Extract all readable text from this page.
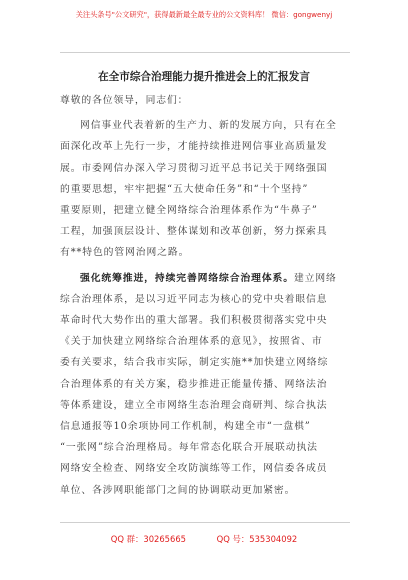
关注头条号"公文研究"，获得最新最全最专业的公文资料库！ 微信：gongwenyj
在全市综合治理能力提升推进会上的汇报发言
尊敬的各位领导，同志们：
网信事业代表着新的生产力、新的发展方向，只有在全
面深化改革上先行一步，才能持续推进网信事业高质量发
展。市委网信办深入学习贯彻习近平总书记关于网络强国
的重要思想，牢牢把握“五大使命任务”和“十个坚持”
重要原则，把建立健全网络综合治理体系作为“牛鼻子”
工程，加强顶层设计、整体谋划和改革创新，努力探索具
有**特色的管网治网之路。
强化统筹推进，持续完善网络综合治理体系。建立网络
综合治理体系，是以习近平同志为核心的党中央着眼信息
革命时代大势作出的重大部署。我们积极贯彻落实党中央
《关于加快建立网络综合治理体系的意见》，按照省、市
委有关要求，结合我市实际，制定实施**加快建立网络综
合治理体系的有关方案，稳步推进正能量传播、网络法治
等体系建设，建立全市网络生态治理会商研判、综合执法
信息通报等10余项协同工作机制，构建全市“一盘棋”
“一张网”综合治理格局。每年常态化联合开展联动执法
网络安全检查、网络安全攻防演练等工作，网信委各成员
单位、各涉网职能部门之间的协调联动更加紧密。
QQ 群：30265665	QQ 号：535304092
